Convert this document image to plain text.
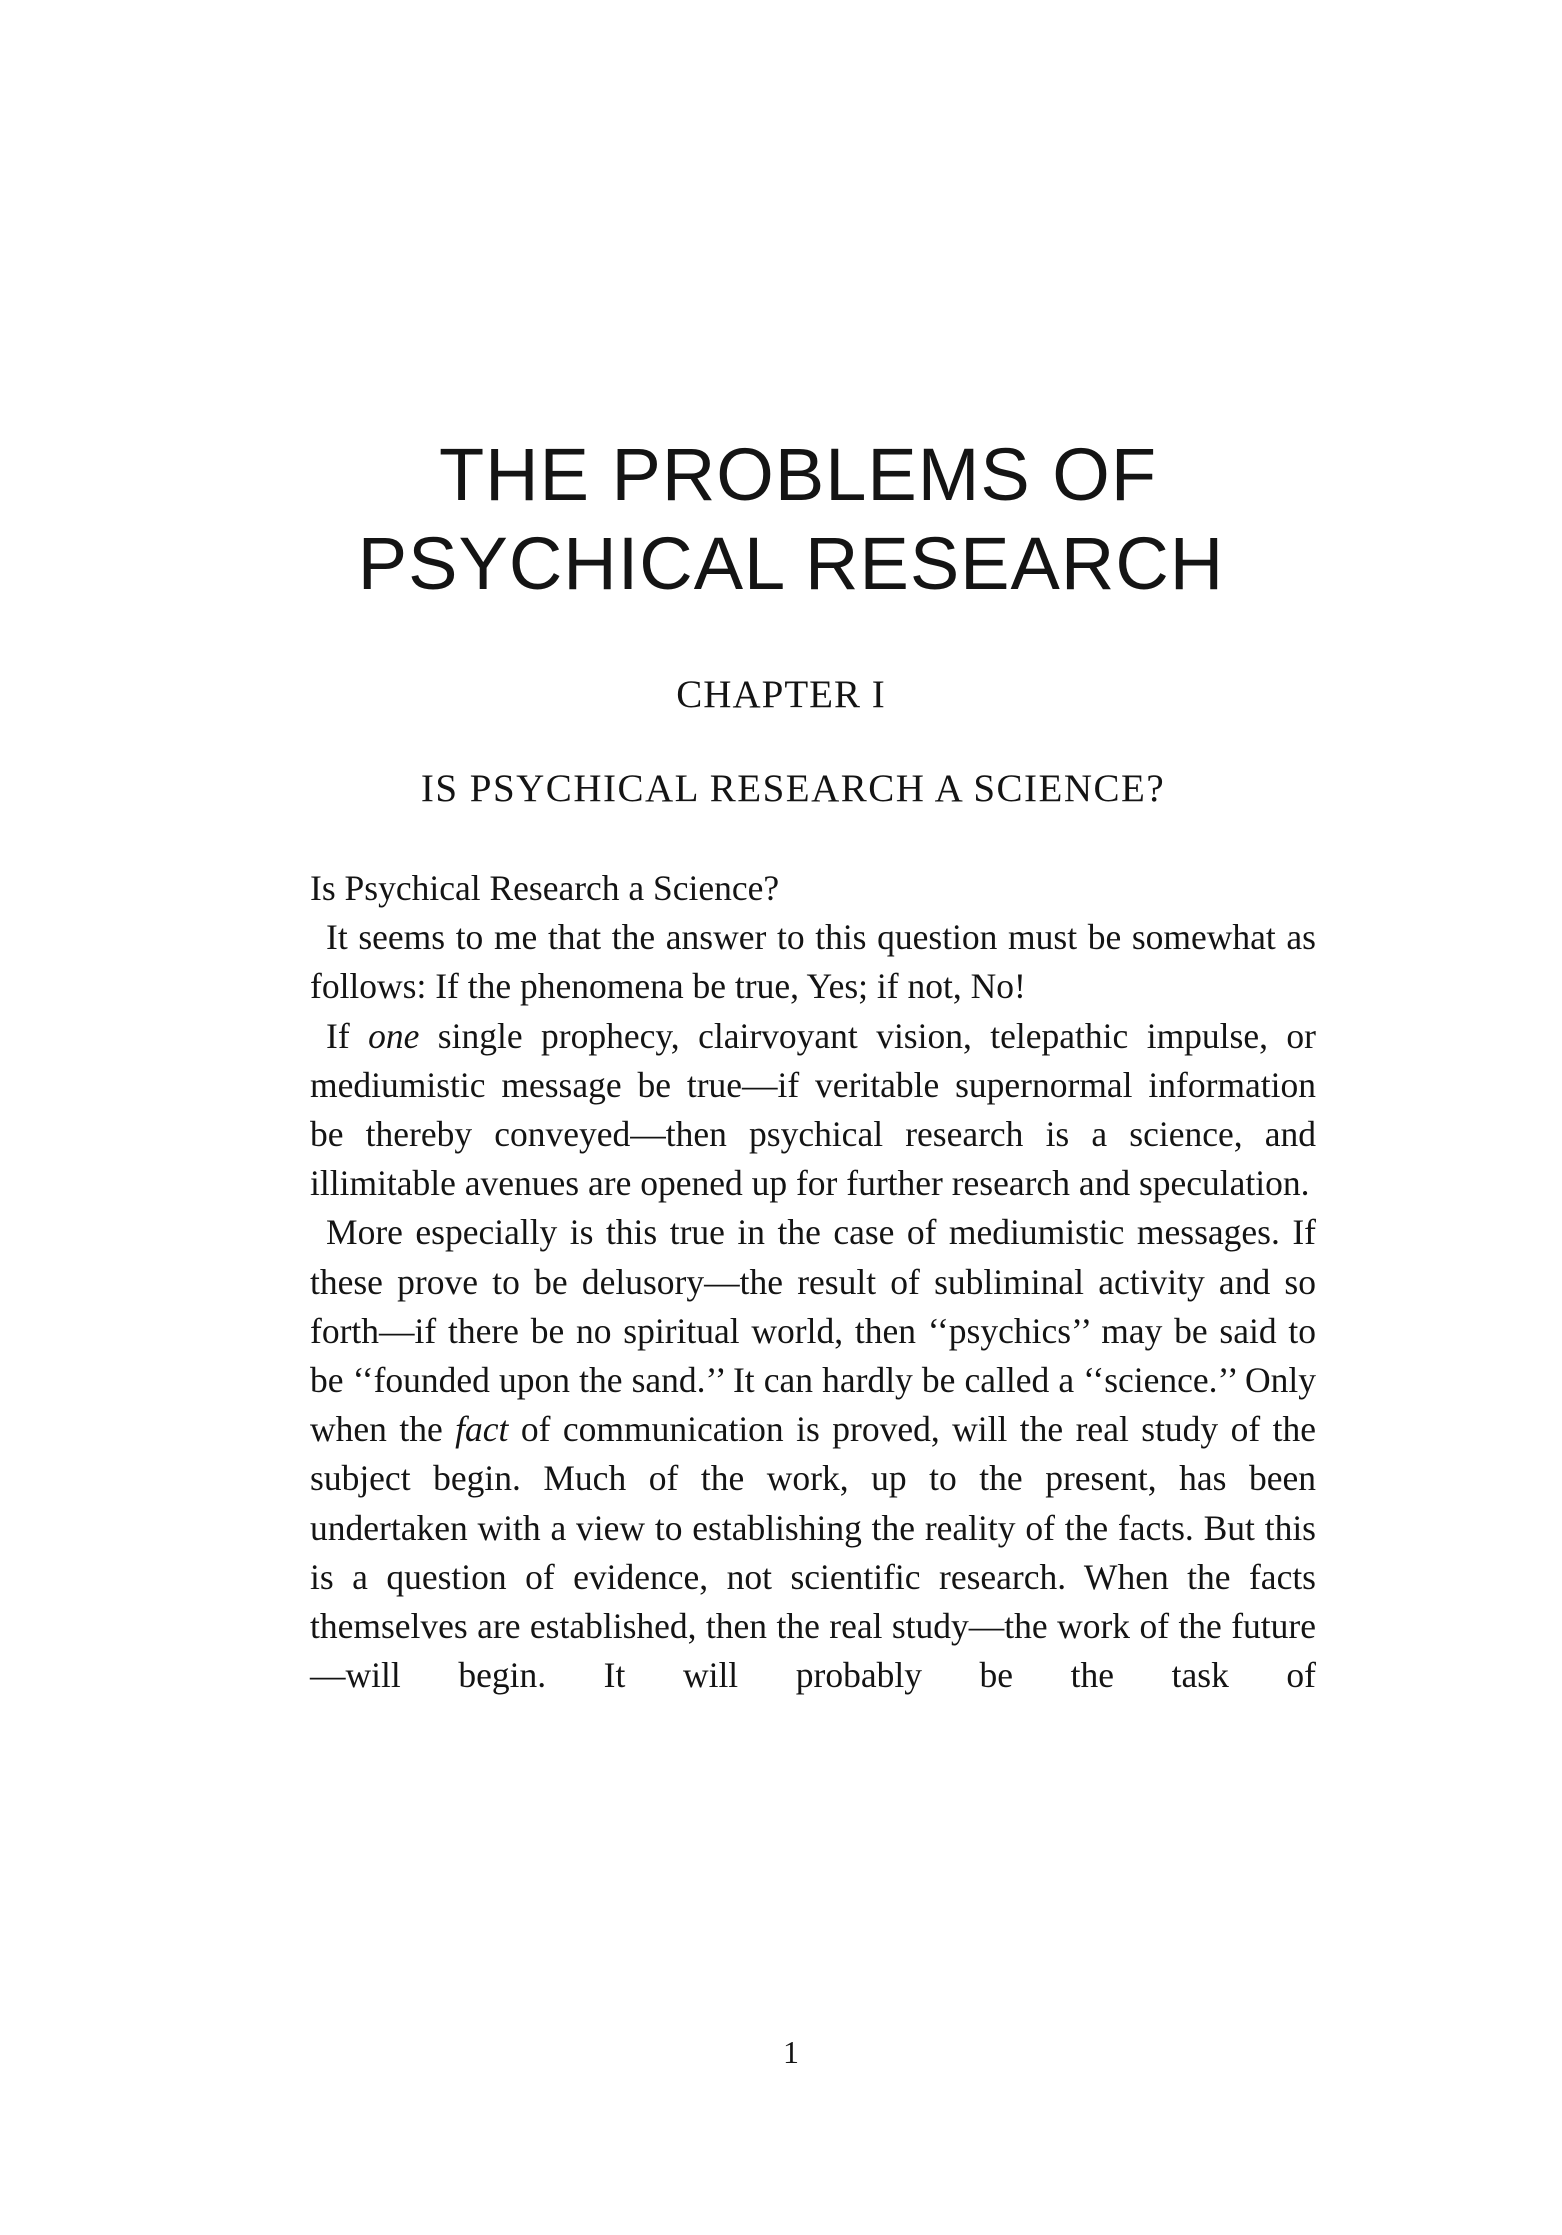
THE PROBLEMS OF
PSYCHICAL RESEARCH
CHAPTER I
IS PSYCHICAL RESEARCH A SCIENCE?

Is Psychical Research a Science?

It seems to me that the answer to this question must be somewhat as follows: If the phenomena be true, Yes; if not, No!

If one single prophecy, clairvoyant vision, telepathic impulse, or mediumistic message be true—if veritable supernormal information be thereby conveyed—then psychical research is a science, and illimitable avenues are opened up for further research and speculation.

More especially is this true in the case of mediumistic messages. If these prove to be delusory—the result of subliminal activity and so forth—if there be no spiritual world, then ‘‘psychics’’ may be said to be ‘‘founded upon the sand.’’ It can hardly be called a ‘‘science.’’ Only when the fact of communication is proved, will the real study of the subject begin. Much of the work, up to the present, has been undertaken with a view to establishing the reality of the facts. But this is a question of evidence, not scientific research. When the facts themselves are established, then the real study—the work of the future—will begin. It will probably be the task of

1
